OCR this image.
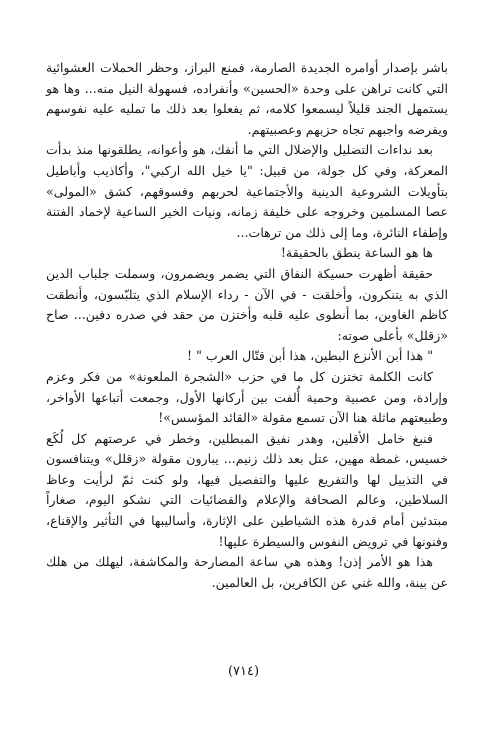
باشر بإصدار أوامره الجديدة الصارمة، فمنع البراز، وحظر الحملات العشوائية التي كانت تراهن على وحدة «الحسين» وأنفراده، فسهولة النيل منه... وها هو يستمهل الجند قليلاً ليسمعوا كلامه، ثم يفعلوا بعد ذلك ما تمليه عليه نفوسهم ويفرضه واجبهم تجاه حزبهم وعصبيتهم.

بعد نداءات التضليل والإضلال التي ما أنفك، هو وأعوانه، يطلقونها منذ بدأت المعركة، وفي كل جولة، من قبيل: "يا خيل الله اركبي"، وأكاذيب وأباطيل بتأويلات الشروعية الدينية والأجتماعية لحربهم وفسوقهم، كشق «المولى» عصا المسلمين وخروجه على خليفة زمانه، ونيات الخير الساعية لإخماد الفتنة وإطفاء النائرة، وما إلى ذلك من ترهات...

ها هو الساعة ينطق بالحقيقة!

حقيقة أظهرت حسيكة النفاق التي يضمر ويضمرون، وسملت جلباب الدين الذي به يتنكرون، وأخلقت - في الآن - رداء الإسلام الذي يتلبّسون، وأنطقت كاظم الغاوين، بما أنطوى عليه قلبه وأختزن من حقد في صدره دفين... صاح «زقلل» بأعلى صوته:

" هذا أبن الأنزع البطين، هذا أبن قتّال العرب " !

كانت الكلمة تختزن كل ما في حزب «الشجرة الملعونة» من فكر وعزم وإرادة، ومن عصبية وحمية أُلفت بين أركانها الأول، وجمعت أتباعها الأواخر، وطبيعتهم ماثلة هنا الآن تسمع مقولة «القائد المؤسس»!

فنبغ خامل الأقلين، وهدر نفيق المبطلين، وخطر في عرصتهم كل لُكَع خسيس، غمطة مهين، عتل بعد ذلك زنيم... يبارون مقولة «زقلل» ويتنافسون في التذييل لها والتفريع عليها والتفصيل فيها، ولو كنت ثمّ لرأيت وعاظ السلاطين، وعالم الصحافة والإعلام والفضائيات التي نشكو اليوم، صغاراً مبتدئين أمام قدرة هذه الشياطين على الإثارة، وأساليبها في التأثير والإقناع، وفنونها في ترويض النفوس والسيطرة عليها!

هذا هو الأمر إذن! وهذه هي ساعة المصارحة والمكاشفة، ليهلك من هلك عن بينة، والله غني عن الكافرين، بل العالمين.

(٧١٤)
